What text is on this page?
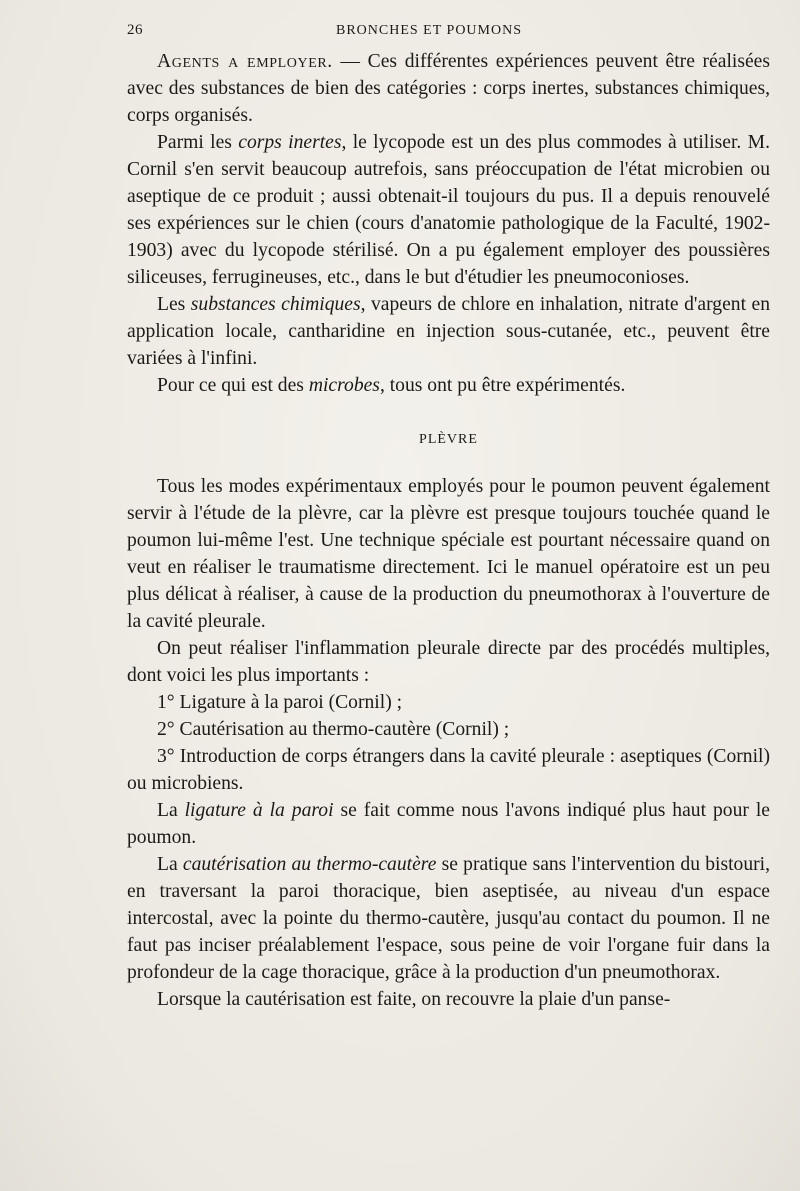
26	BRONCHES ET POUMONS

Agents a employer. — Ces différentes expériences peuvent être réalisées avec des substances de bien des catégories : corps inertes, substances chimiques, corps organisés.

Parmi les corps inertes, le lycopode est un des plus commodes à utiliser. M. Cornil s'en servit beaucoup autrefois, sans préoccupation de l'état microbien ou aseptique de ce produit ; aussi obtenait-il toujours du pus. Il a depuis renouvelé ses expériences sur le chien (cours d'anatomie pathologique de la Faculté, 1902-1903) avec du lycopode stérilisé. On a pu également employer des poussières siliceuses, ferrugineuses, etc., dans le but d'étudier les pneumoconioses.

Les substances chimiques, vapeurs de chlore en inhalation, nitrate d'argent en application locale, cantharidine en injection sous-cutanée, etc., peuvent être variées à l'infini.

Pour ce qui est des microbes, tous ont pu être expérimentés.

PLÈVRE

Tous les modes expérimentaux employés pour le poumon peuvent également servir à l'étude de la plèvre, car la plèvre est presque toujours touchée quand le poumon lui-même l'est. Une technique spéciale est pourtant nécessaire quand on veut en réaliser le traumatisme directement. Ici le manuel opératoire est un peu plus délicat à réaliser, à cause de la production du pneumothorax à l'ouverture de la cavité pleurale.

On peut réaliser l'inflammation pleurale directe par des procédés multiples, dont voici les plus importants :

1° Ligature à la paroi (Cornil) ;

2° Cautérisation au thermo-cautère (Cornil) ;

3° Introduction de corps étrangers dans la cavité pleurale : aseptiques (Cornil) ou microbiens.

La ligature à la paroi se fait comme nous l'avons indiqué plus haut pour le poumon.

La cautérisation au thermo-cautère se pratique sans l'intervention du bistouri, en traversant la paroi thoracique, bien aseptisée, au niveau d'un espace intercostal, avec la pointe du thermo-cautère, jusqu'au contact du poumon. Il ne faut pas inciser préalablement l'espace, sous peine de voir l'organe fuir dans la profondeur de la cage thoracique, grâce à la production d'un pneumothorax.

Lorsque la cautérisation est faite, on recouvre la plaie d'un panse-
